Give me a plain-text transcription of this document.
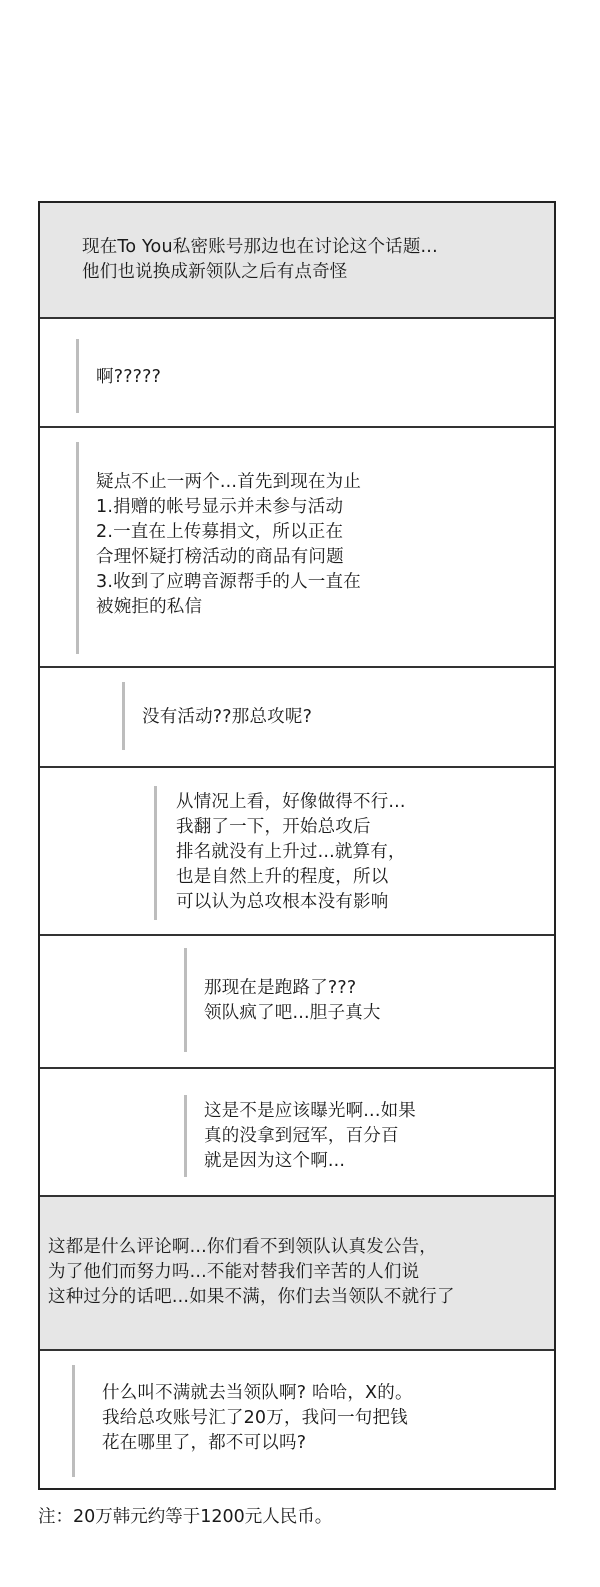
现在To You私密账号那边也在讨论这个话题...
他们也说换成新领队之后有点奇怪
啊?????
疑点不止一两个...首先到现在为止
1.捐赠的帐号显示并未参与活动
2.一直在上传募捐文，所以正在
合理怀疑打榜活动的商品有问题
3.收到了应聘音源帮手的人一直在
被婉拒的私信
没有活动??那总攻呢?
从情况上看，好像做得不行...
我翻了一下，开始总攻后
排名就没有上升过...就算有，
也是自然上升的程度，所以
可以认为总攻根本没有影响
那现在是跑路了???
领队疯了吧...胆子真大
这是不是应该曝光啊...如果
真的没拿到冠军，百分百
就是因为这个啊...
这都是什么评论啊...你们看不到领队认真发公告，
为了他们而努力吗...不能对替我们辛苦的人们说
这种过分的话吧...如果不满，你们去当领队不就行了
什么叫不满就去当领队啊? 哈哈，X的。
我给总攻账号汇了20万，我问一句把钱
花在哪里了，都不可以吗?
注：20万韩元约等于1200元人民币。
